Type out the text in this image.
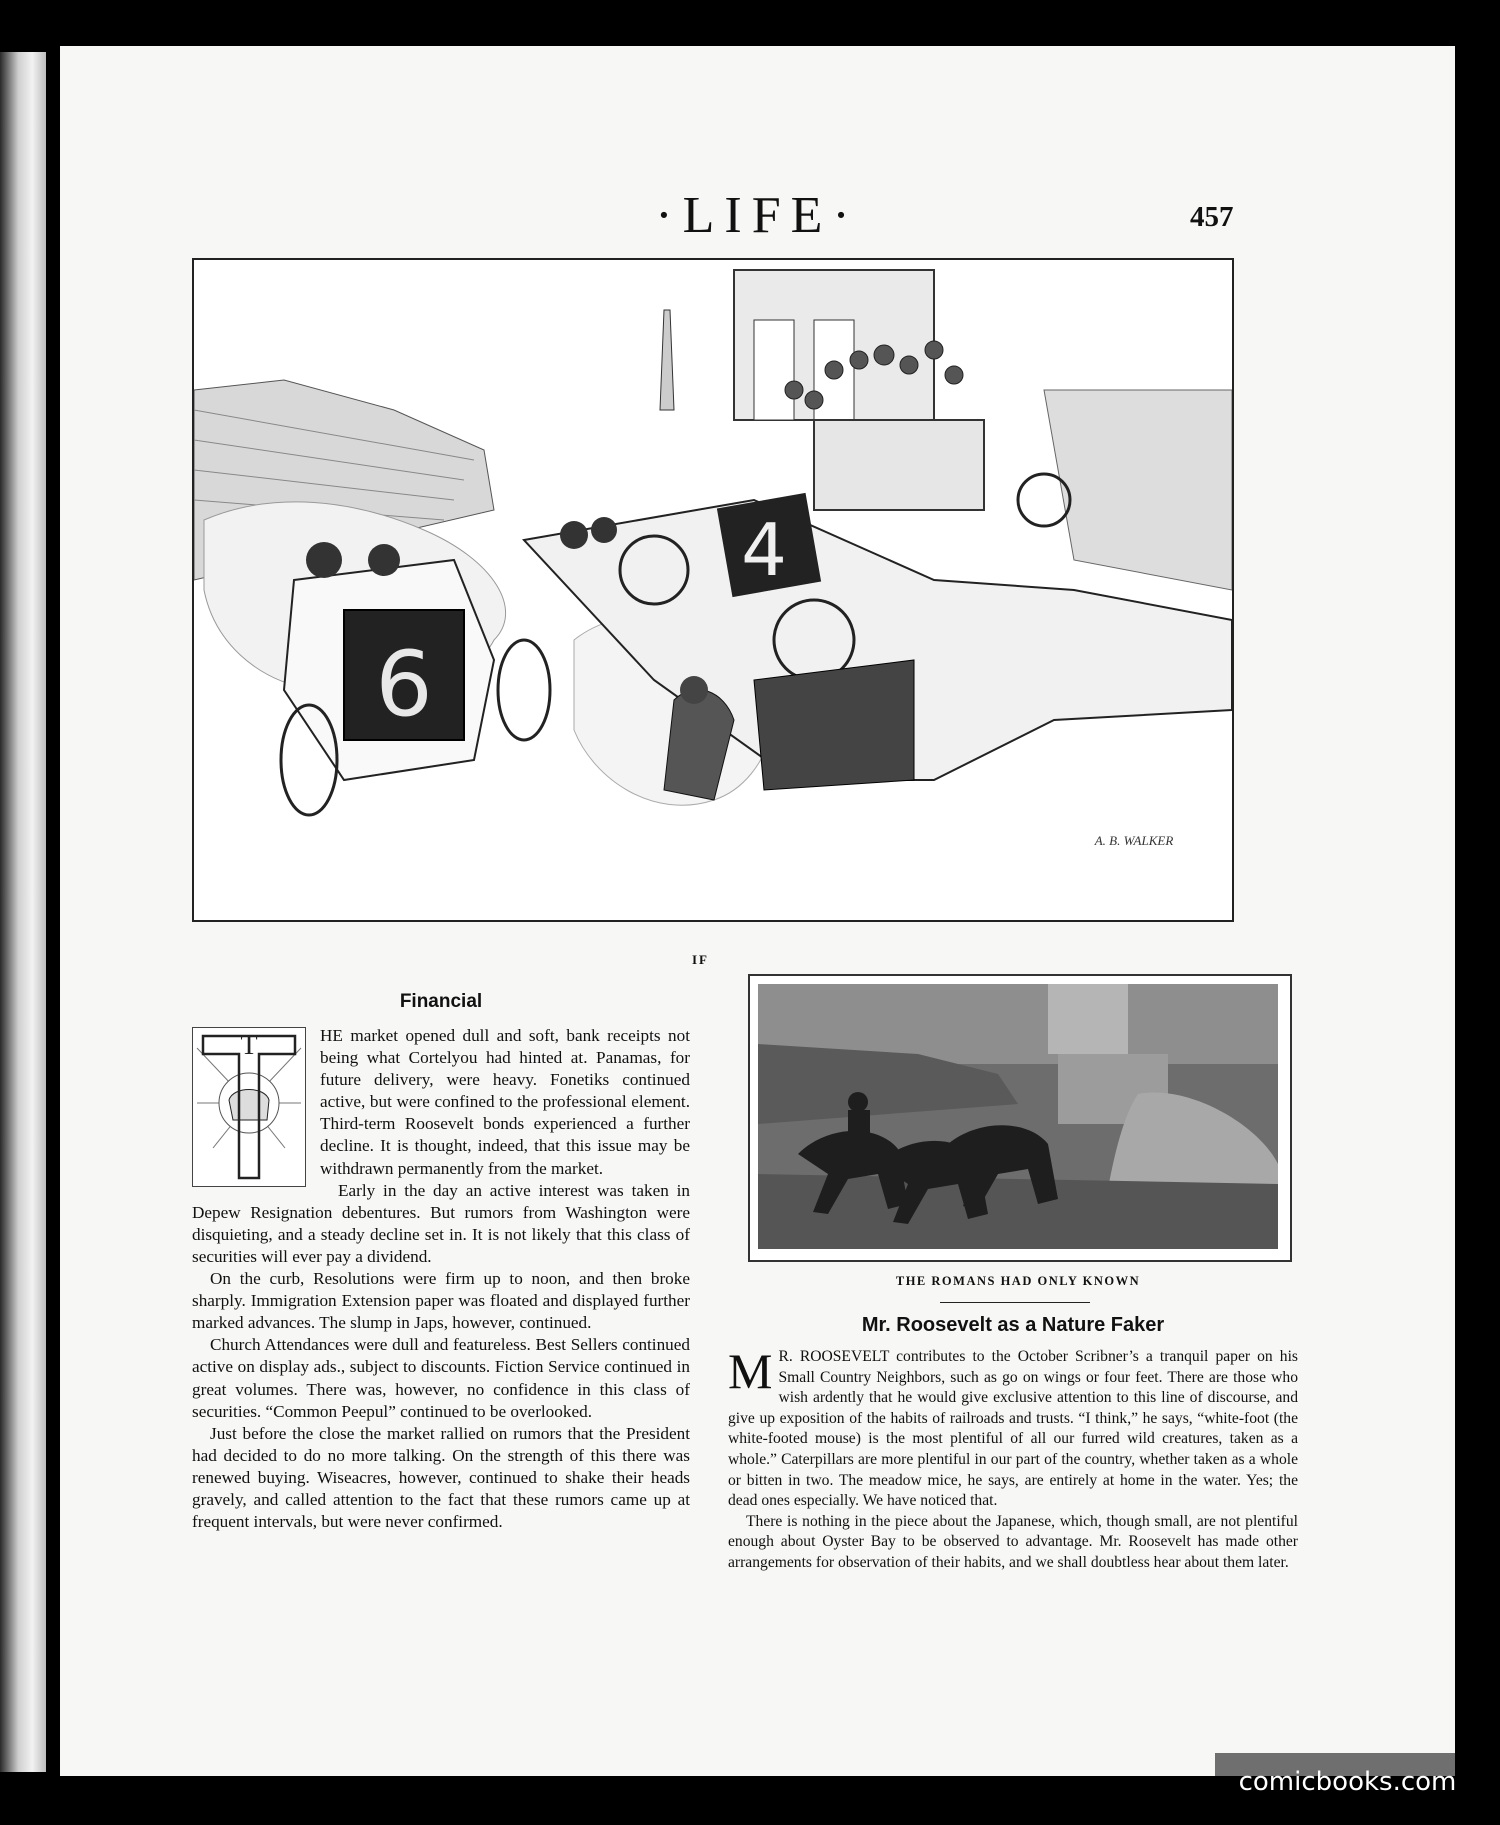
·LIFE·	457
6
4
A. B. WALKER
IF
Financial
T	HE market opened dull and soft, bank receipts not being what Cortelyou had hinted at. Panamas, for future delivery, were heavy. Fonetiks continued active, but were confined to the professional element. Third-term Roosevelt bonds experienced a further decline. It is thought, indeed, that this issue may be withdrawn permanently from the market.

Early in the day an active interest was taken in Depew Resignation debentures. But rumors from Washington were disquieting, and a steady decline set in. It is not likely that this class of securities will ever pay a dividend.

On the curb, Resolutions were firm up to noon, and then broke sharply. Immigration Extension paper was floated and displayed further marked advances. The slump in Japs, however, continued.

Church Attendances were dull and featureless. Best Sellers continued active on display ads., subject to discounts. Fiction Service continued in great volumes. There was, however, no confidence in this class of securities. “Common Peepul” continued to be overlooked.

Just before the close the market rallied on rumors that the President had decided to do no more talking. On the strength of this there was renewed buying. Wiseacres, however, continued to shake their heads gravely, and called attention to the fact that these rumors came up at frequent intervals, but were never confirmed.

THE ROMANS HAD ONLY KNOWN
Mr. Roosevelt as a Nature Faker

M R. ROOSEVELT contributes to the October Scribner’s a tranquil paper on his Small Country Neighbors, such as go on wings or four feet. There are those who wish ardently that he would give exclusive attention to this line of discourse, and give up exposition of the habits of railroads and trusts. “I think,” he says, “white-foot (the white-footed mouse) is the most plentiful of all our furred wild creatures, taken as a whole.” Caterpillars are more plentiful in our part of the country, whether taken as a whole or bitten in two. The meadow mice, he says, are entirely at home in the water. Yes; the dead ones especially. We have noticed that.

There is nothing in the piece about the Japanese, which, though small, are not plentiful enough about Oyster Bay to be observed to advantage. Mr. Roosevelt has made other arrangements for observation of their habits, and we shall doubtless hear about them later.

comicbooks.com
